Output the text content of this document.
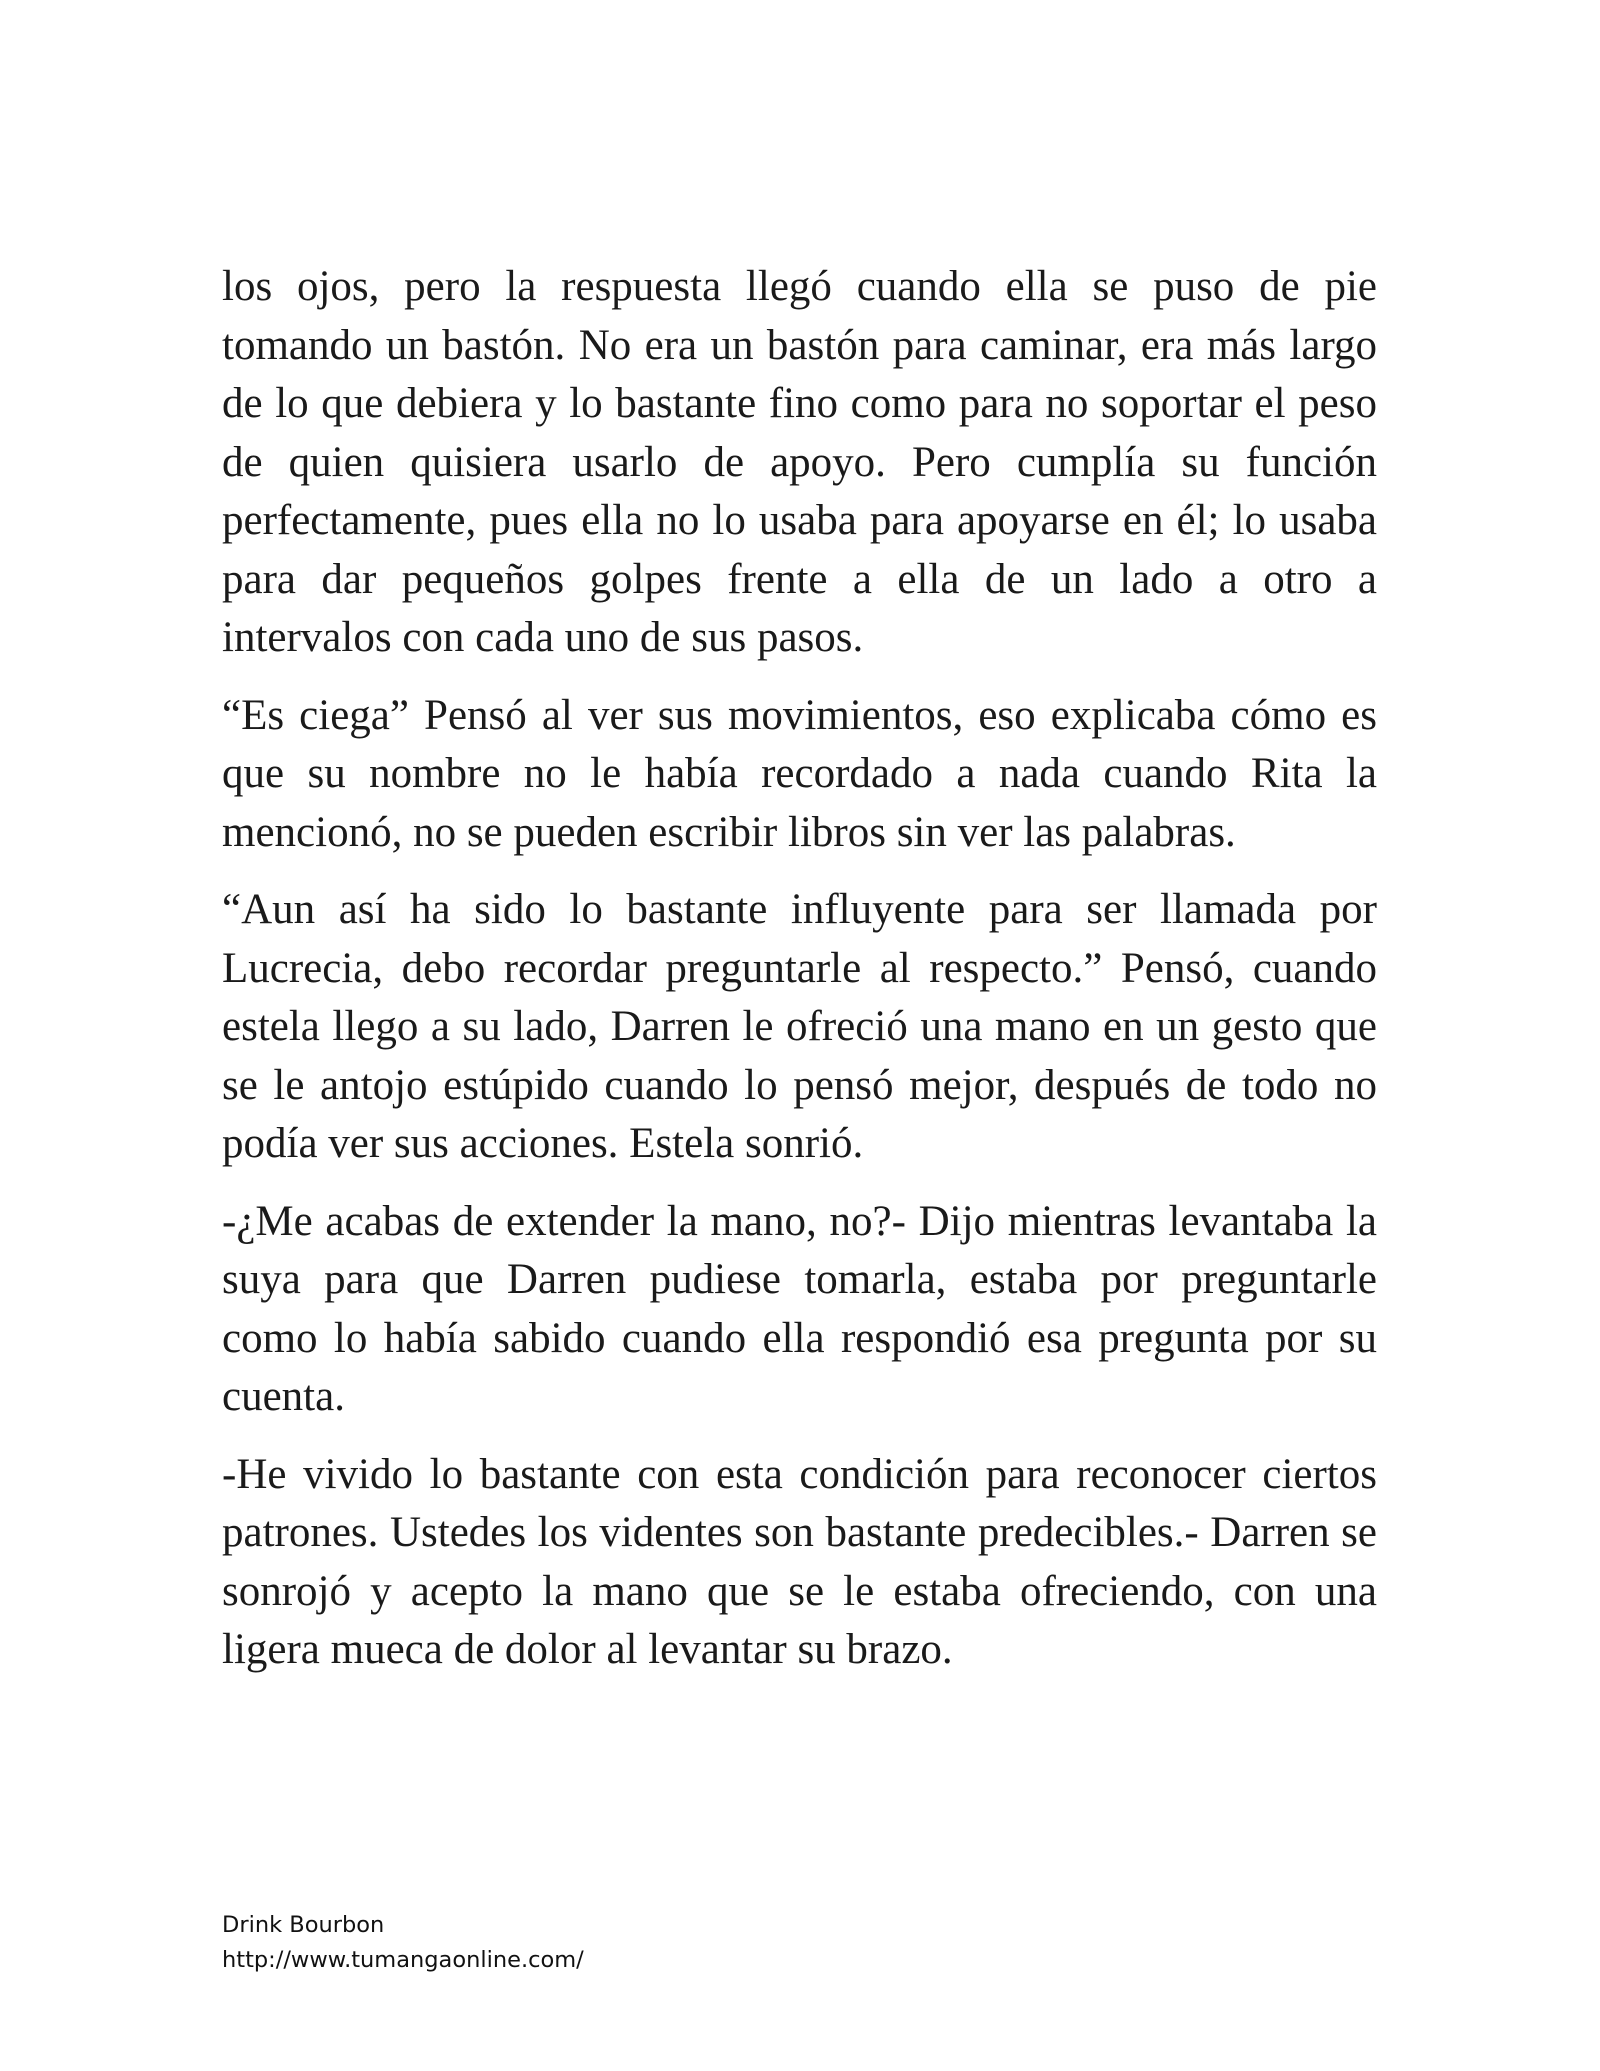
los ojos, pero la respuesta llegó cuando ella se puso de pie tomando un bastón. No era un bastón para caminar, era más largo de lo que debiera y lo bastante fino como para no soportar el peso de quien quisiera usarlo de apoyo. Pero cumplía su función perfectamente, pues ella no lo usaba para apoyarse en él; lo usaba para dar pequeños golpes frente a ella de un lado a otro a intervalos con cada uno de sus pasos.

“Es ciega” Pensó al ver sus movimientos, eso explicaba cómo es que su nombre no le había recordado a nada cuando Rita la mencionó, no se pueden escribir libros sin ver las palabras.

“Aun así ha sido lo bastante influyente para ser llamada por Lucrecia, debo recordar preguntarle al respecto.” Pensó, cuando estela llego a su lado, Darren le ofreció una mano en un gesto que se le antojo estúpido cuando lo pensó mejor, después de todo no podía ver sus acciones. Estela sonrió.

-¿Me acabas de extender la mano, no?- Dijo mientras levantaba la suya para que Darren pudiese tomarla, estaba por preguntarle como lo había sabido cuando ella respondió esa pregunta por su cuenta.

-He vivido lo bastante con esta condición para reconocer ciertos patrones. Ustedes los videntes son bastante predecibles.- Darren se sonrojó y acepto la mano que se le estaba ofreciendo, con una ligera mueca de dolor al levantar su brazo.

Drink Bourbon
http://www.tumangaonline.com/
